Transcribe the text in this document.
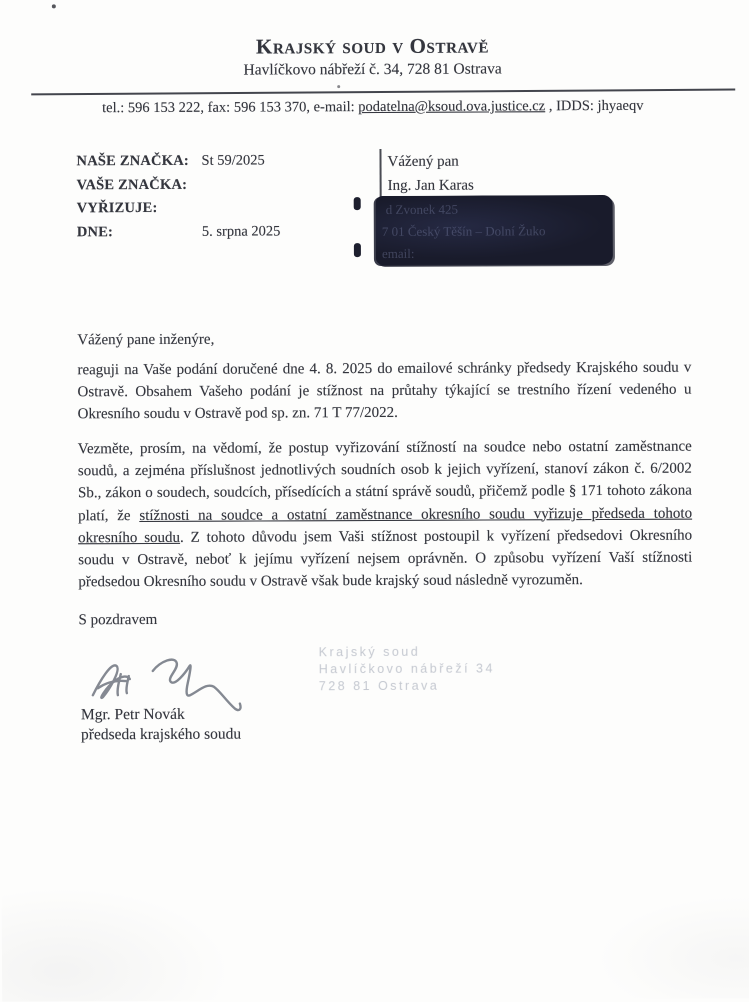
Krajský soud v Ostravě
Havlíčkovo nábřeží č. 34, 728 81 Ostrava
tel.: 596 153 222, fax: 596 153 370, e-mail: podatelna@ksoud.ova.justice.cz , IDDS: jhyaeqv
NAŠE ZNAČKA: St 59/2025
VAŠE ZNAČKA:
VYŘIZUJE:
DNE:	5. srpna 2025
Vážený pan
Ing. Jan Karas
d Zvonek 425
7 01 Český Těšín – Dolní Žuko
email:
Vážený pane inženýre,
reaguji na Vaše podání doručené dne 4. 8. 2025 do emailové schránky předsedy Krajského soudu v Ostravě. Obsahem Vašeho podání je stížnost na průtahy týkající se trestního řízení vedeného u Okresního soudu v Ostravě pod sp. zn. 71 T 77/2022.
Vezměte, prosím, na vědomí, že postup vyřizování stížností na soudce nebo ostatní zaměstnance soudů, a zejména příslušnost jednotlivých soudních osob k jejich vyřízení, stanoví zákon č. 6/2002 Sb., zákon o soudech, soudcích, přísedících a státní správě soudů, přičemž podle § 171 tohoto zákona platí, že stížnosti na soudce a ostatní zaměstnance okresního soudu vyřizuje předseda tohoto okresního soudu. Z tohoto důvodu jsem Vaši stížnost postoupil k vyřízení předsedovi Okresního soudu v Ostravě, neboť k jejímu vyřízení nejsem oprávněn. O způsobu vyřízení Vaší stížnosti předsedou Okresního soudu v Ostravě však bude krajský soud následně vyrozuměn.
S pozdravem
Krajský soud
Havlíčkovo nábřeží 34
728 81 Ostrava
Mgr. Petr Novák
předseda krajského soudu
